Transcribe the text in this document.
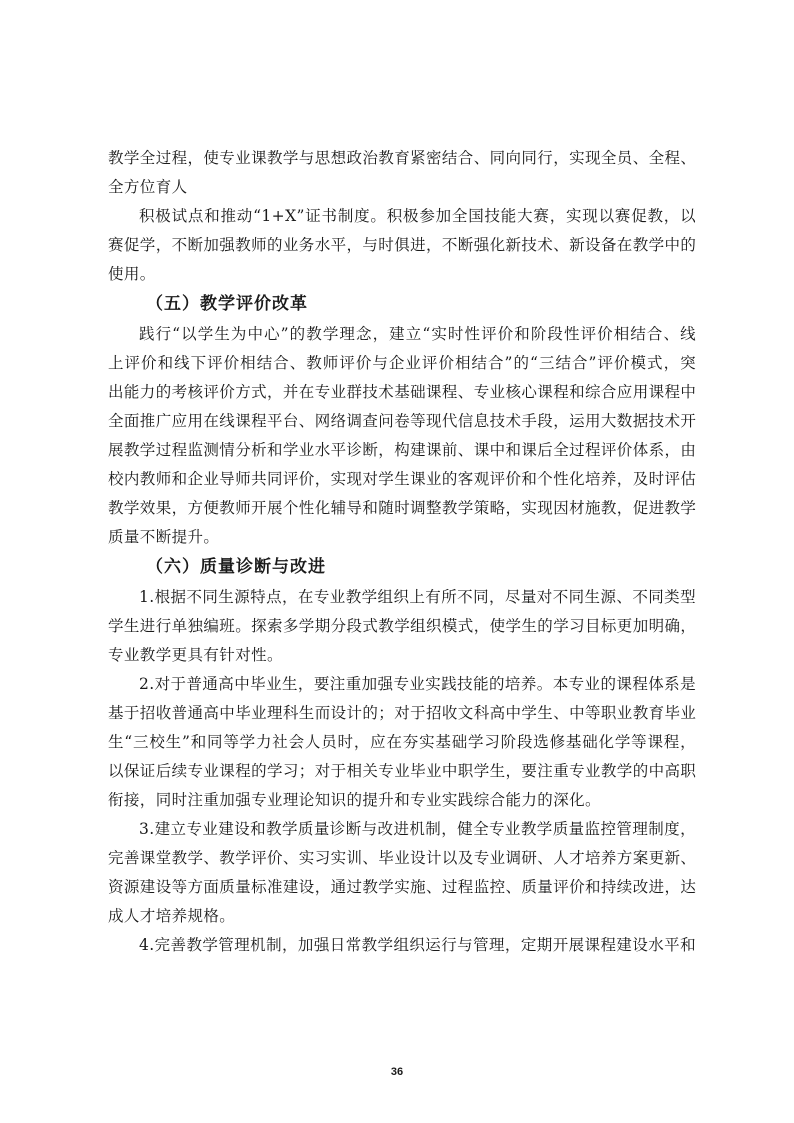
教学全过程，使专业课教学与思想政治教育紧密结合、同向同行，实现全员、全程、
全方位育人
积极试点和推动“1+X”证书制度。积极参加全国技能大赛，实现以赛促教，以
赛促学，不断加强教师的业务水平，与时俱进，不断强化新技术、新设备在教学中的
使用。
（五）教学评价改革
践行“以学生为中心”的教学理念，建立“实时性评价和阶段性评价相结合、线
上评价和线下评价相结合、教师评价与企业评价相结合”的“三结合”评价模式，突
出能力的考核评价方式，并在专业群技术基础课程、专业核心课程和综合应用课程中
全面推广应用在线课程平台、网络调查问卷等现代信息技术手段，运用大数据技术开
展教学过程监测情分析和学业水平诊断，构建课前、课中和课后全过程评价体系，由
校内教师和企业导师共同评价，实现对学生课业的客观评价和个性化培养，及时评估
教学效果，方便教师开展个性化辅导和随时调整教学策略，实现因材施教，促进教学
质量不断提升。
（六）质量诊断与改进
1.根据不同生源特点，在专业教学组织上有所不同，尽量对不同生源、不同类型
学生进行单独编班。探索多学期分段式教学组织模式，使学生的学习目标更加明确，
专业教学更具有针对性。
2.对于普通高中毕业生，要注重加强专业实践技能的培养。本专业的课程体系是
基于招收普通高中毕业理科生而设计的；对于招收文科高中学生、中等职业教育毕业
生“三校生”和同等学力社会人员时，应在夯实基础学习阶段选修基础化学等课程，
以保证后续专业课程的学习；对于相关专业毕业中职学生，要注重专业教学的中高职
衔接，同时注重加强专业理论知识的提升和专业实践综合能力的深化。
3.建立专业建设和教学质量诊断与改进机制，健全专业教学质量监控管理制度，
完善课堂教学、教学评价、实习实训、毕业设计以及专业调研、人才培养方案更新、
资源建设等方面质量标准建设，通过教学实施、过程监控、质量评价和持续改进，达
成人才培养规格。
4.完善教学管理机制，加强日常教学组织运行与管理，定期开展课程建设水平和
36
